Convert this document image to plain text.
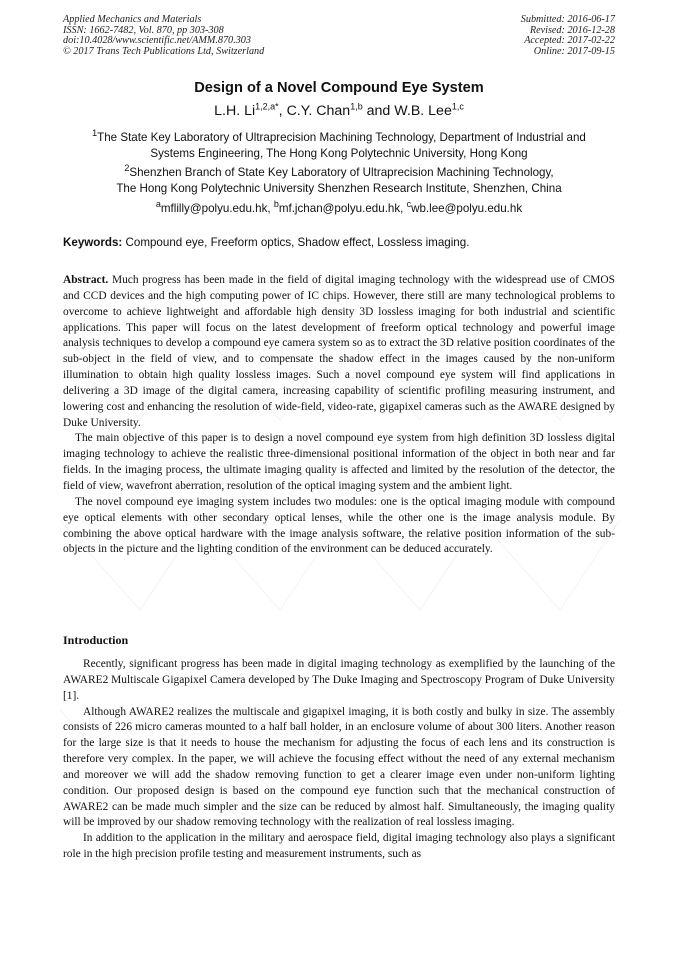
Applied Mechanics and Materials
ISSN: 1662-7482, Vol. 870, pp 303-308
doi:10.4028/www.scientific.net/AMM.870.303
© 2017 Trans Tech Publications Ltd, Switzerland
Submitted: 2016-06-17
Revised: 2016-12-28
Accepted: 2017-02-22
Online: 2017-09-15
Design of a Novel Compound Eye System
L.H. $Li^{1,2,a*}$, C.Y. Chan$^{1,b}$ and W.B. Lee$^{1,c}$
$^1$The State Key Laboratory of Ultraprecision Machining Technology, Department of Industrial and
Systems Engineering, The Hong Kong Polytechnic University, Hong Kong
$^2$Shenzhen Branch of State Key Laboratory of Ultraprecision Machining Technology,
The Hong Kong Polytechnic University Shenzhen Research Institute, Shenzhen, China
$^a$mflilly@polyu.edu.hk, $^b$mf.jchan@polyu.edu.hk, $^c$wb.lee@polyu.edu.hk
Keywords: Compound eye, Freeform optics, Shadow effect, Lossless imaging.

Abstract. Much progress has been made in the field of digital imaging technology with the widespread use of CMOS and CCD devices and the high computing power of IC chips. However, there still are many technological problems to overcome to achieve lightweight and affordable high density 3D lossless imaging for both industrial and scientific applications. This paper will focus on the latest development of freeform optical technology and powerful image analysis techniques to develop a compound eye camera system so as to extract the 3D relative position coordinates of the sub-object in the field of view, and to compensate the shadow effect in the images caused by the non-uniform illumination to obtain high quality lossless images. Such a novel compound eye system will find applications in delivering a 3D image of the digital camera, increasing capability of scientific profiling measuring instrument, and lowering cost and enhancing the resolution of wide-field, video-rate, gigapixel cameras such as the AWARE designed by Duke University.

The main objective of this paper is to design a novel compound eye system from high definition 3D lossless digital imaging technology to achieve the realistic three-dimensional positional information of the object in both near and far fields. In the imaging process, the ultimate imaging quality is affected and limited by the resolution of the detector, the field of view, wavefront aberration, resolution of the optical imaging system and the ambient light.

The novel compound eye imaging system includes two modules: one is the optical imaging module with compound eye optical elements with other secondary optical lenses, while the other one is the image analysis module. By combining the above optical hardware with the image analysis software, the relative position information of the sub-objects in the picture and the lighting condition of the environment can be deduced accurately.

Introduction

Recently, significant progress has been made in digital imaging technology as exemplified by the launching of the AWARE2 Multiscale Gigapixel Camera developed by The Duke Imaging and Spectroscopy Program of Duke University [1].

Although AWARE2 realizes the multiscale and gigapixel imaging, it is both costly and bulky in size. The assembly consists of 226 micro cameras mounted to a half ball holder, in an enclosure volume of about 300 liters. Another reason for the large size is that it needs to house the mechanism for adjusting the focus of each lens and its construction is therefore very complex. In the paper, we will achieve the focusing effect without the need of any external mechanism and moreover we will add the shadow removing function to get a clearer image even under non-uniform lighting condition. Our proposed design is based on the compound eye function such that the mechanical construction of AWARE2 can be made much simpler and the size can be reduced by almost half. Simultaneously, the imaging quality will be improved by our shadow removing technology with the realization of real lossless imaging.

In addition to the application in the military and aerospace field, digital imaging technology also plays a significant role in the high precision profile testing and measurement instruments, such as
